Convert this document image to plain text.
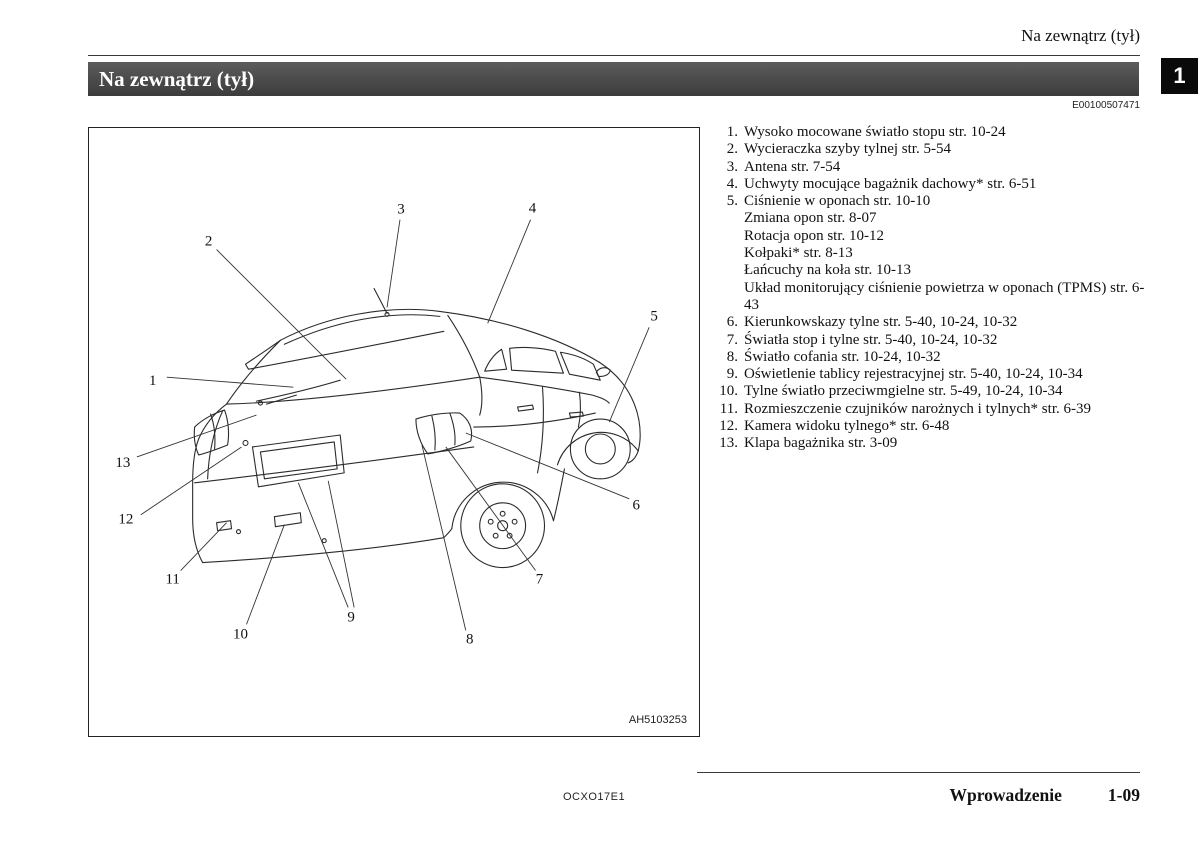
Na zewnątrz (tył)
Na zewnątrz (tył)	1
E00100507471
1
2
3	4
5
6
7
8
9
10
11
12
13
AH5103253
1. Wysoko mocowane światło stopu str. 10-24
2. Wycieraczka szyby tylnej str. 5-54
3. Antena str. 7-54
4. Uchwyty mocujące bagażnik dachowy* str. 6-51
5. Ciśnienie w oponach str. 10-10
Zmiana opon str. 8-07
Rotacja opon str. 10-12
Kołpaki* str. 8-13
Łańcuchy na koła str. 10-13
Układ monitorujący ciśnienie powietrza w oponach (TPMS) str. 6-43
6. Kierunkowskazy tylne str. 5-40, 10-24, 10-32
7. Światła stop i tylne str. 5-40, 10-24, 10-32
8. Światło cofania str. 10-24, 10-32
9. Oświetlenie tablicy rejestracyjnej str. 5-40, 10-24, 10-34
10. Tylne światło przeciwmgielne str. 5-49, 10-24, 10-34
11. Rozmieszczenie czujników narożnych i tylnych* str. 6-39
12. Kamera widoku tylnego* str. 6-48
13. Klapa bagażnika str. 3-09
OCXO17E1	Wprowadzenie	1-09
